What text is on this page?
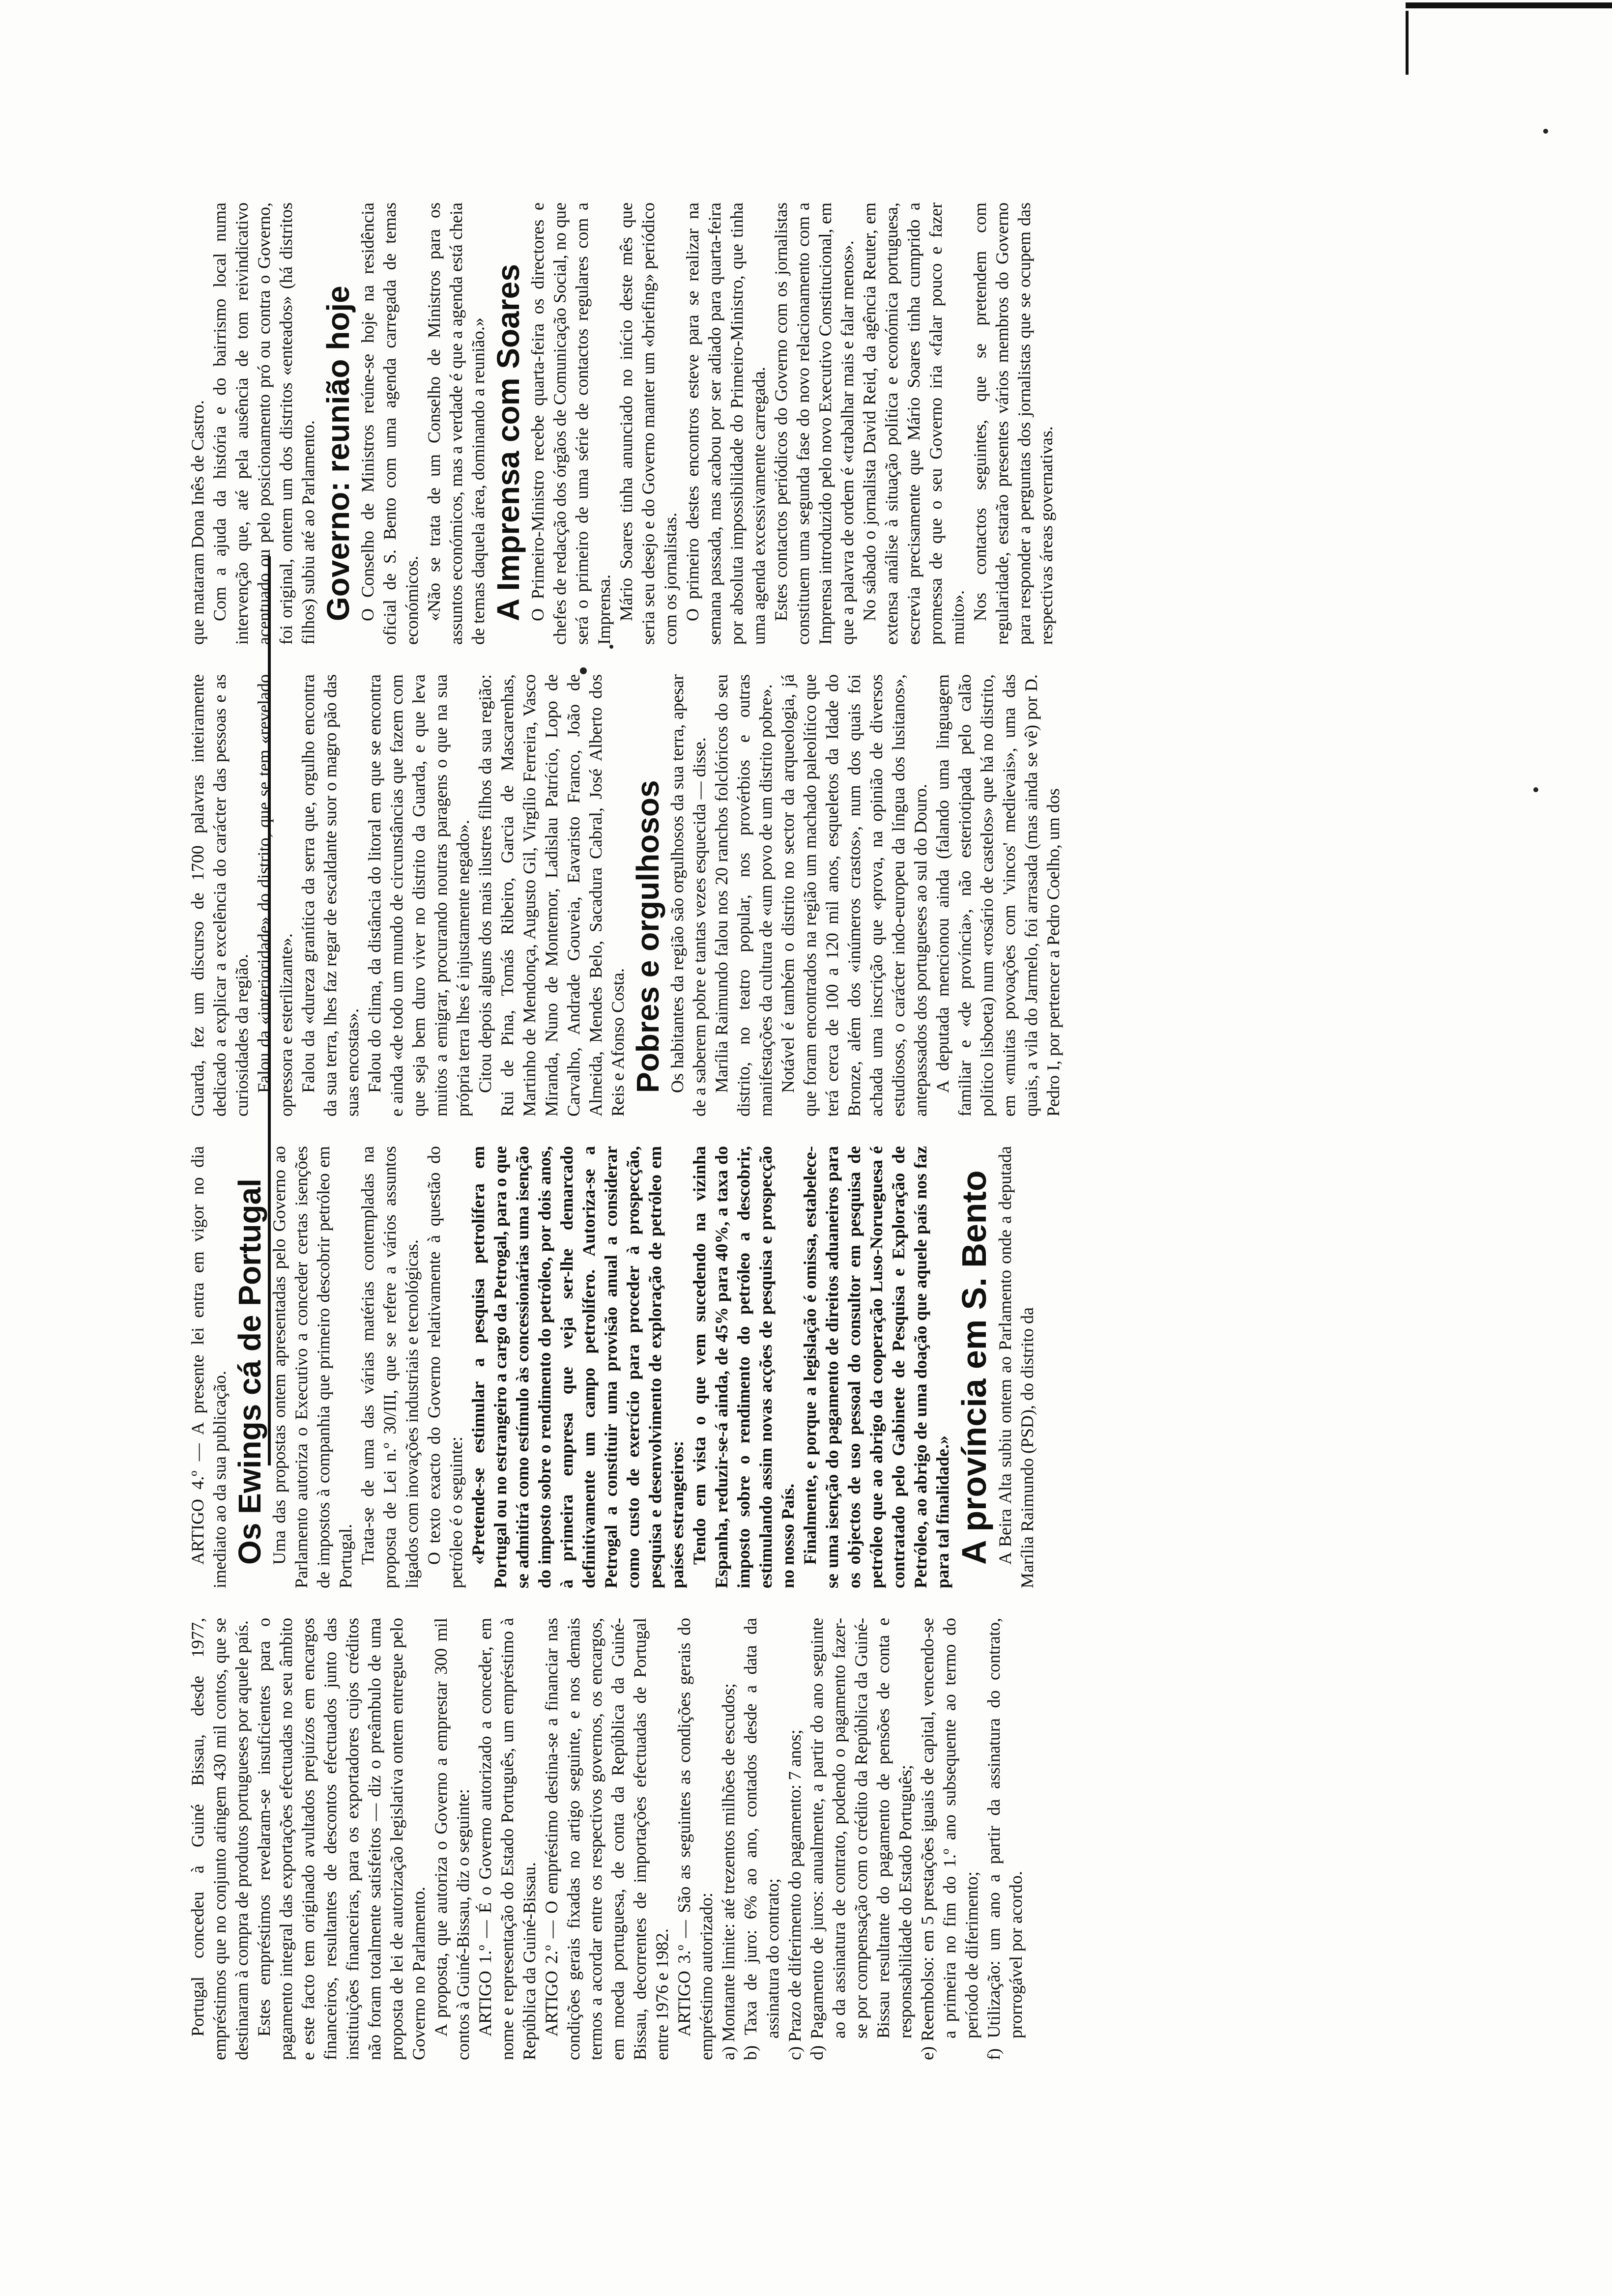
Portugal concedeu à Guiné Bissau, desde 1977, empréstimos que no conjunto atingem 430 mil contos, que se destinaram à compra de produtos portugueses por aquele país. Estes empréstimos revelaram-se insuficientes para o pagamento integral das exportações efectuadas no seu âmbito e este facto tem originado avultados prejuízos em encargos financeiros, resultantes de descontos efectuados junto das instituições financeiras, para os exportadores cujos créditos não foram totalmente satisfeitos — diz o preâmbulo de uma proposta de lei de autorização legislativa ontem entregue pelo Governo no Parlamento. A proposta, que autoriza o Governo a emprestar 300 mil contos à Guiné-Bissau, diz o seguinte: ARTIGO 1.º — É o Governo autorizado a conceder, em nome e representação do Estado Português, um empréstimo à República da Guiné-Bissau. ARTIGO 2.º — O empréstimo destina-se a financiar nas condições gerais fixadas no artigo seguinte, e nos demais termos a acordar entre os respectivos governos, os encargos, em moeda portuguesa, de conta da República da Guiné-Bissau, decorrentes de importações efectuadas de Portugal entre 1976 e 1982. ARTIGO 3.º — São as seguintes as condições gerais do empréstimo autorizado: a) Montante limite: até trezentos milhões de escudos; b) Taxa de juro: 6% ao ano, contados desde a data da assinatura do contrato; c) Prazo de diferimento do pagamento: 7 anos; d) Pagamento de juros: anualmente, a partir do ano seguinte ao da assinatura de contrato, podendo o pagamento fazer-se por compensação com o crédito da República da Guiné-Bissau resultante do pagamento de pensões de conta e responsabilidade do Estado Português; e) Reembolso: em 5 prestações iguais de capital, vencendo-se a primeira no fim do 1.º ano subsequente ao termo do período de diferimento; f) Utilização: um ano a partir da assinatura do contrato, prorrogável por acordo.

ARTIGO 4.º — A presente lei entra em vigor no dia imediato ao da sua publicação. Os Ewings cá de Portugal Uma das propostas ontem apresentadas pelo Governo ao Parlamento autoriza o Executivo a conceder certas isenções de impostos à companhia que primeiro descobrir petróleo em Portugal. Trata-se de uma das várias matérias contempladas na proposta de Lei n.º 30/III, que se refere a vários assuntos ligados com inovações industriais e tecnológicas. O texto exacto do Governo relativamente à questão do petróleo é o seguinte: «Pretende-se estimular a pesquisa petrolífera em Portugal ou no estrangeiro a cargo da Petrogal, para o que se admitirá como estímulo às concessionárias uma isenção do imposto sobre o rendimento do petróleo, por dois anos, à primeira empresa que veja ser-lhe demarcado definitivamente um campo petrolífero. Autoriza-se a Petrogal a constituir uma provisão anual a considerar como custo de exercício para proceder à prospecção, pesquisa e desenvolvimento de exploração de petróleo em países estrangeiros: Tendo em vista o que vem sucedendo na vizinha Espanha, reduzir-se-á ainda, de 45% para 40%, a taxa do imposto sobre o rendimento do petróleo a descobrir, estimulando assim novas acções de pesquisa e prospecção no nosso País. Finalmente, e porque a legislação é omissa, estabelece-se uma isenção do pagamento de direitos aduaneiros para os objectos de uso pessoal do consultor em pesquisa de petróleo que ao abrigo da cooperação Luso-Norueguesa é contratado pelo Gabinete de Pesquisa e Exploração de Petróleo, ao abrigo de uma doação que aquele país nos faz para tal finalidade.» A província em S. Bento A Beira Alta subiu ontem ao Parlamento onde a deputada Marília Raimundo (PSD), do distrito da

Guarda, fez um discurso de 1700 palavras inteiramente dedicado a explicar a excelência do carácter das pessoas e as curiosidades da região. Falou da «interioridade» do distrito, que se tem «revelado opressora e esterilizante». Falou da «dureza granítica da serra que, orgulho encontra da sua terra, lhes faz regar de escaldante suor o magro pão das suas encostas». Falou do clima, da distância do litoral em que se encontra e ainda «de todo um mundo de circunstâncias que fazem com que seja bem duro viver no distrito da Guarda, e que leva muitos a emigrar, procurando noutras paragens o que na sua própria terra lhes é injustamente negado». Citou depois alguns dos mais ilustres filhos da sua região: Rui de Pina, Tomás Ribeiro, Garcia de Mascarenhas, Martinho de Mendonça, Augusto Gil, Virgílio Ferreira, Vasco Miranda, Nuno de Montemor, Ladislau Patrício, Lopo de Carvalho, Andrade Gouveia, Eavaristo Franco, João de Almeida, Mendes Belo, Sacadura Cabral, José Alberto dos Reis e Afonso Costa. Pobres e orgulhosos Os habitantes da região são orgulhosos da sua terra, apesar de a saberem pobre e tantas vezes esquecida — disse. Marília Raimundo falou nos 20 ranchos folclóricos do seu distrito, no teatro popular, nos provérbios e outras manifestações da cultura de «um povo de um distrito pobre». Notável é também o distrito no sector da arqueologia, já que foram encontrados na região um machado paleolítico que terá cerca de 100 a 120 mil anos, esqueletos da Idade do Bronze, além dos «inúmeros crastos», num dos quais foi achada uma inscrição que «prova, na opinião de diversos estudiosos, o carácter indo-europeu da língua dos lusitanos», antepassados dos portugueses ao sul do Douro. A deputada mencionou ainda (falando uma linguagem familiar e «de província», não esteriotipada pelo calão político lisboeta) num «rosário de castelos» que há no distrito, em «muitas povoações com 'vincos' medievais», uma das quais, a vila do Jarmelo, foi arrasada (mas ainda se vê) por D. Pedro I, por pertencer a Pedro Coelho, um dos

que mataram Dona Inês de Castro. Com a ajuda da história e do bairrismo local numa intervenção que, até pela ausência de tom reivindicativo acentuado ou pelo posicionamento pró ou contra o Governo, foi original, ontem um dos distritos «enteados» (há distritos filhos) subiu até ao Parlamento. Governo: reunião hoje O Conselho de Ministros reúne-se hoje na residência oficial de S. Bento com uma agenda carregada de temas económicos. «Não se trata de um Conselho de Ministros para os assuntos económicos, mas a verdade é que a agenda está cheia de temas daquela área, dominando a reunião.» A Imprensa com Soares O Primeiro-Ministro recebe quarta-feira os directores e chefes de redacção dos órgãos de Comunicação Social, no que será o primeiro de uma série de contactos regulares com a Imprensa. Mário Soares tinha anunciado no início deste mês que seria seu desejo e do Governo manter um «briefing» periódico com os jornalistas. O primeiro destes encontros esteve para se realizar na semana passada, mas acabou por ser adiado para quarta-feira por absoluta impossibilidade do Primeiro-Ministro, que tinha uma agenda excessivamente carregada. Estes contactos periódicos do Governo com os jornalistas constituem uma segunda fase do novo relacionamento com a Imprensa introduzido pelo novo Executivo Constitucional, em que a palavra de ordem é «trabalhar mais e falar menos». No sábado o jornalista David Reid, da agência Reuter, em extensa análise à situação política e económica portuguesa, escrevia precisamente que Mário Soares tinha cumprido a promessa de que o seu Governo iria «falar pouco e fazer muito». Nos contactos seguintes, que se pretendem com regularidade, estarão presentes vários membros do Governo para responder a perguntas dos jornalistas que se ocupem das respectivas áreas governativas.
